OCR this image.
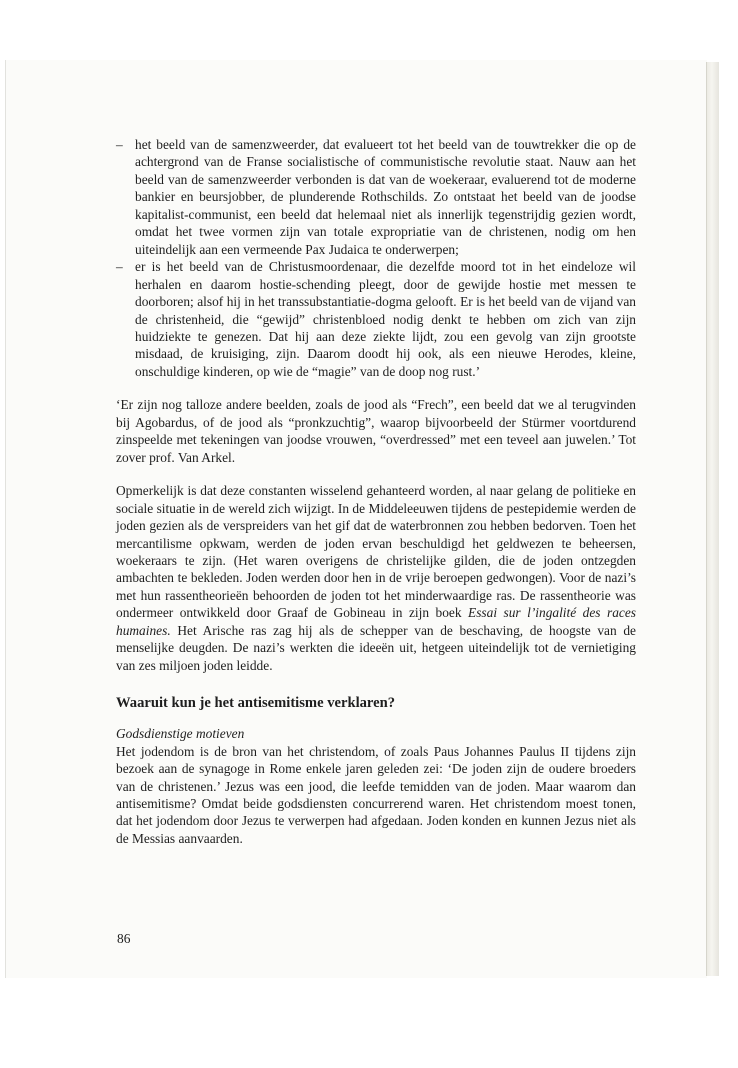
– het beeld van de samenzweerder, dat evalueert tot het beeld van de touwtrekker die op de achtergrond van de Franse socialistische of communistische revolutie staat. Nauw aan het beeld van de samenzweerder verbonden is dat van de woekeraar, evaluerend tot de moderne bankier en beursjobber, de plunderende Rothschilds. Zo ontstaat het beeld van de joodse kapitalist-communist, een beeld dat helemaal niet als innerlijk tegenstrijdig gezien wordt, omdat het twee vormen zijn van totale expropriatie van de christenen, nodig om hen uiteindelijk aan een vermeende Pax Judaica te onderwerpen;
– er is het beeld van de Christusmoordenaar, die dezelfde moord tot in het eindeloze wil herhalen en daarom hostie-schending pleegt, door de gewijde hostie met messen te doorboren; alsof hij in het transsubstantiatie-dogma gelooft. Er is het beeld van de vijand van de christenheid, die “gewijd” christenbloed nodig denkt te hebben om zich van zijn huidziekte te genezen. Dat hij aan deze ziekte lijdt, zou een gevolg van zijn grootste misdaad, de kruisiging, zijn. Daarom doodt hij ook, als een nieuwe Herodes, kleine, onschuldige kinderen, op wie de “magie” van de doop nog rust.’

‘Er zijn nog talloze andere beelden, zoals de jood als “Frech”, een beeld dat we al terugvinden bij Agobardus, of de jood als “pronkzuchtig”, waarop bijvoorbeeld der Stürmer voortdurend zinspeelde met tekeningen van joodse vrouwen, “overdressed” met een teveel aan juwelen.’ Tot zover prof. Van Arkel.

Opmerkelijk is dat deze constanten wisselend gehanteerd worden, al naar gelang de politieke en sociale situatie in de wereld zich wijzigt. In de Middeleeuwen tijdens de pestepidemie werden de joden gezien als de verspreiders van het gif dat de waterbronnen zou hebben bedorven. Toen het mercantilisme opkwam, werden de joden ervan beschuldigd het geldwezen te beheersen, woekeraars te zijn. (Het waren overigens de christelijke gilden, die de joden ontzegden ambachten te bekleden. Joden werden door hen in de vrije beroepen gedwongen). Voor de nazi’s met hun rassentheorieën behoorden de joden tot het minderwaardige ras. De rassentheorie was ondermeer ontwikkeld door Graaf de Gobineau in zijn boek Essai sur l’ingalité des races humaines. Het Arische ras zag hij als de schepper van de beschaving, de hoogste van de menselijke deugden. De nazi’s werkten die ideeën uit, hetgeen uiteindelijk tot de vernietiging van zes miljoen joden leidde.

Waaruit kun je het antisemitisme verklaren?
Godsdienstige motieven

Het jodendom is de bron van het christendom, of zoals Paus Johannes Paulus II tijdens zijn bezoek aan de synagoge in Rome enkele jaren geleden zei: ‘De joden zijn de oudere broeders van de christenen.’ Jezus was een jood, die leefde temidden van de joden. Maar waarom dan antisemitisme? Omdat beide godsdiensten concurrerend waren. Het christendom moest tonen, dat het jodendom door Jezus te verwerpen had afgedaan. Joden konden en kunnen Jezus niet als de Messias aanvaarden.

86
